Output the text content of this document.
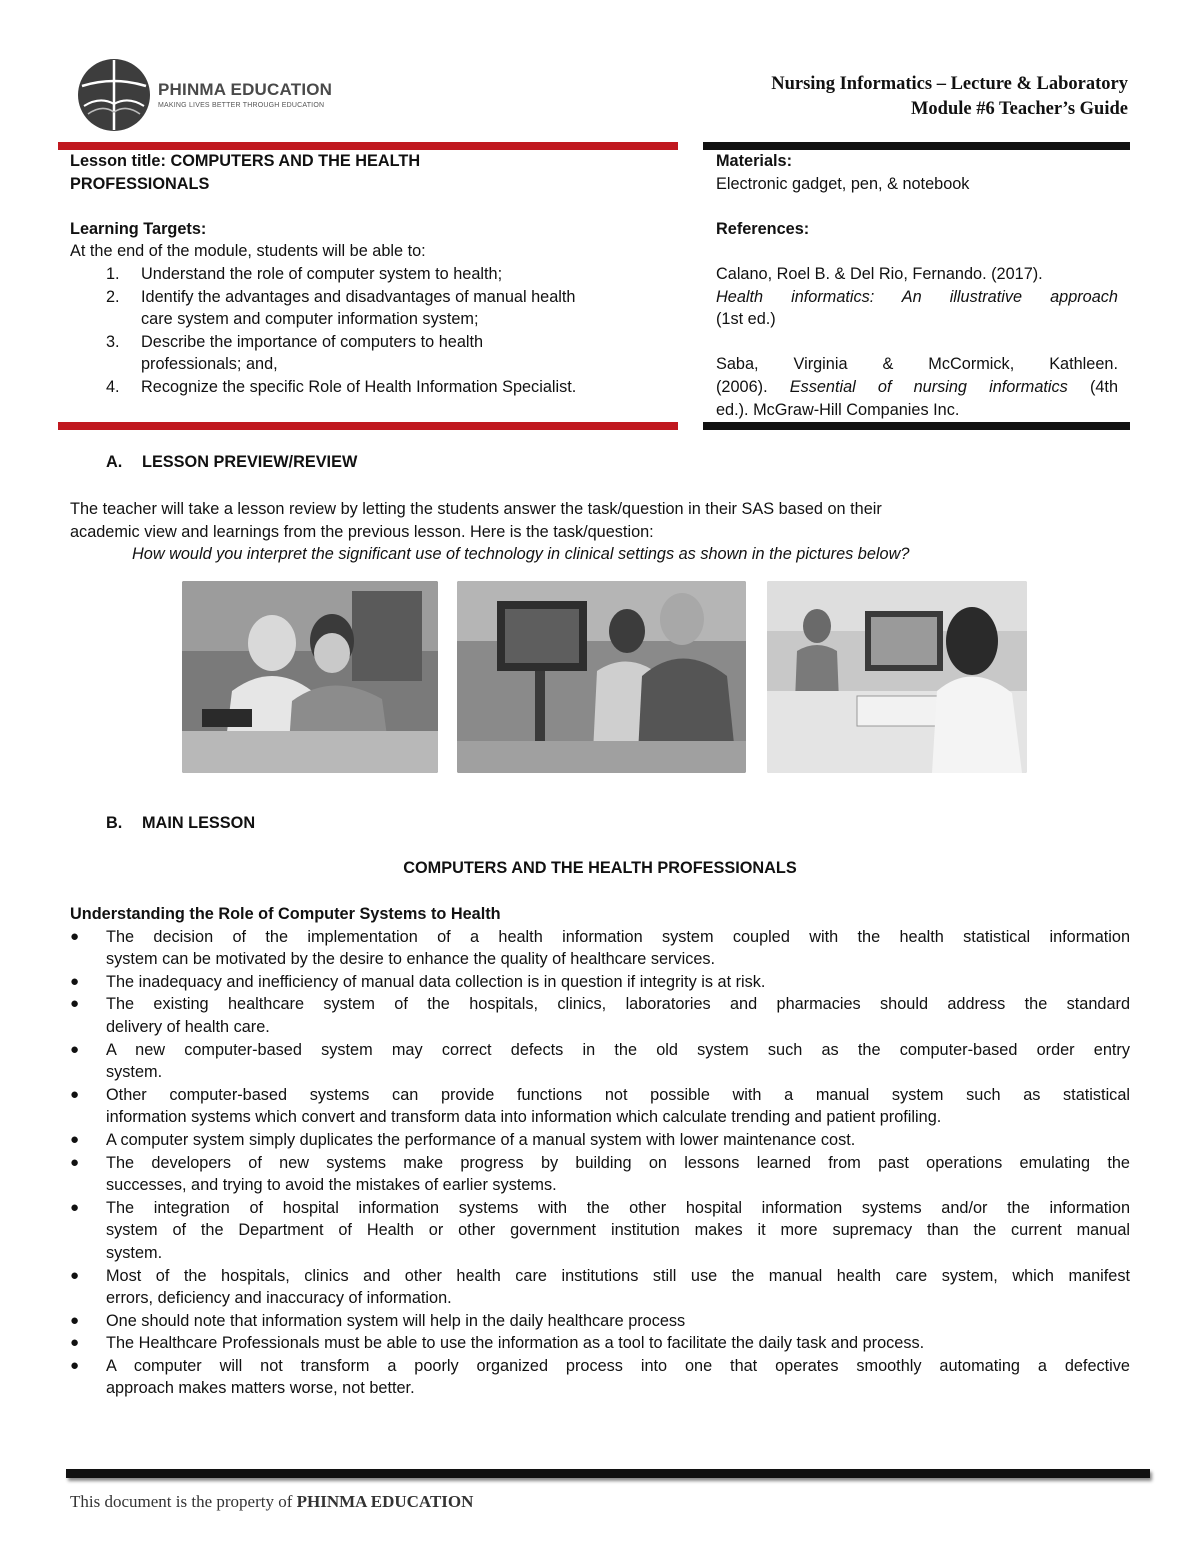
PHINMA EDUCATION
MAKING LIVES BETTER THROUGH EDUCATION
Nursing Informatics – Lecture & Laboratory
Module #6 Teacher’s Guide
Lesson title: COMPUTERS AND THE HEALTH
PROFESSIONALS
Learning Targets:
At the end of the module, students will be able to:
1. Understand the role of computer system to health;
2. Identify the advantages and disadvantages of manual health
care system and computer information system;
3. Describe the importance of computers to health
professionals; and,
4. Recognize the specific Role of Health Information Specialist.
Materials:
Electronic gadget, pen, & notebook
References:
Calano, Roel B. & Del Rio, Fernando. (2017).
Health informatics: An illustrative approach
(1st ed.)
Saba, Virginia & McCormick, Kathleen.
(2006). Essential of nursing informatics (4th
ed.). McGraw-Hill Companies Inc.
A. LESSON PREVIEW/REVIEW
The teacher will take a lesson review by letting the students answer the task/question in their SAS based on their
academic view and learnings from the previous lesson. Here is the task/question:
How would you interpret the significant use of technology in clinical settings as shown in the pictures below?
B. MAIN LESSON
COMPUTERS AND THE HEALTH PROFESSIONALS
Understanding the Role of Computer Systems to Health
● The decision of the implementation of a health information system coupled with the health statistical information
system can be motivated by the desire to enhance the quality of healthcare services.
● The inadequacy and inefficiency of manual data collection is in question if integrity is at risk.
● The existing healthcare system of the hospitals, clinics, laboratories and pharmacies should address the standard
delivery of health care.
● A new computer-based system may correct defects in the old system such as the computer-based order entry
system.
● Other computer-based systems can provide functions not possible with a manual system such as statistical
information systems which convert and transform data into information which calculate trending and patient profiling.
● A computer system simply duplicates the performance of a manual system with lower maintenance cost.
● The developers of new systems make progress by building on lessons learned from past operations emulating the
successes, and trying to avoid the mistakes of earlier systems.
● The integration of hospital information systems with the other hospital information systems and/or the information
system of the Department of Health or other government institution makes it more supremacy than the current manual
system.
● Most of the hospitals, clinics and other health care institutions still use the manual health care system, which manifest
errors, deficiency and inaccuracy of information.
● One should note that information system will help in the daily healthcare process
● The Healthcare Professionals must be able to use the information as a tool to facilitate the daily task and process.
● A computer will not transform a poorly organized process into one that operates smoothly automating a defective
approach makes matters worse, not better.
This document is the property of PHINMA EDUCATION
